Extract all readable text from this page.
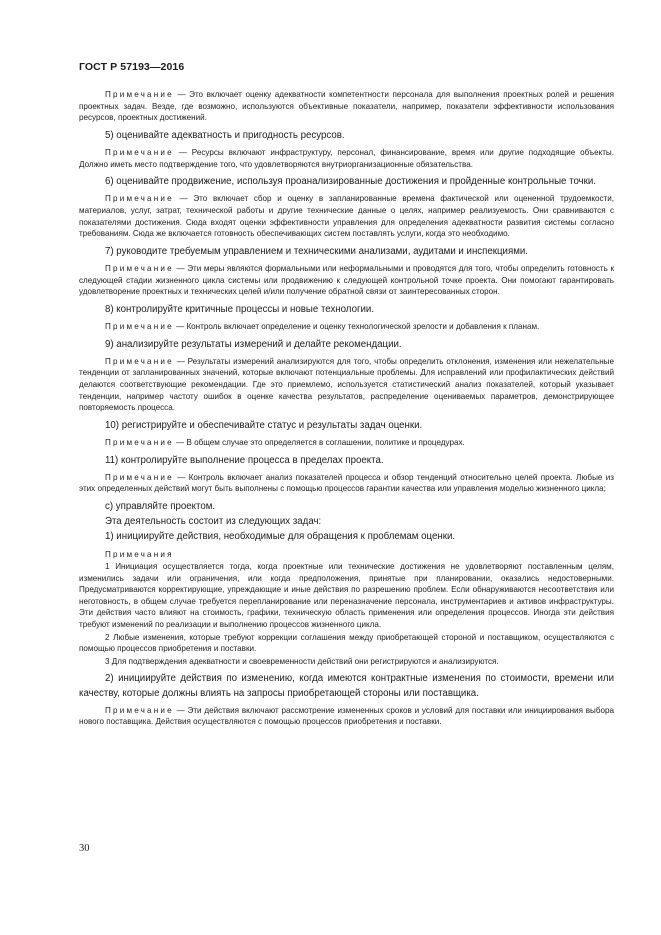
ГОСТ Р 57193—2016

Примечание — Это включает оценку адекватности компетентности персонала для выполнения проектных ролей и решения проектных задач. Везде, где возможно, используются объективные показатели, например, показатели эффективности использования ресурсов, проектных достижений.

5) оценивайте адекватность и пригодность ресурсов.

Примечание — Ресурсы включают инфраструктуру, персонал, финансирование, время или другие подходящие объекты. Должно иметь место подтверждение того, что удовлетворяются внутриорганизационные обязательства.

6) оценивайте продвижение, используя проанализированные достижения и пройденные контрольные точки.

Примечание — Это включает сбор и оценку в запланированные времена фактической или оцененной трудоемкости, материалов, услуг, затрат, технической работы и другие технические данные о целях, например реализуемость. Они сравниваются с показателями достижения. Сюда входят оценки эффективности управления для определения адекватности развития системы согласно требованиям. Сюда же включается готовность обеспечивающих систем поставлять услуги, когда это необходимо.

7) руководите требуемым управлением и техническими анализами, аудитами и инспекциями.

Примечание — Эти меры являются формальными или неформальными и проводятся для того, чтобы определить готовность к следующей стадии жизненного цикла системы или продвижению к следующей контрольной точке проекта. Они помогают гарантировать удовлетворение проектных и технических целей и/или получение обратной связи от заинтересованных сторон.

8) контролируйте критичные процессы и новые технологии.

Примечание — Контроль включает определение и оценку технологической зрелости и добавления к планам.

9) анализируйте результаты измерений и делайте рекомендации.

Примечание — Результаты измерений анализируются для того, чтобы определить отклонения, изменения или нежелательные тенденции от запланированных значений, которые включают потенциальные проблемы. Для исправлений или профилактических действий делаются соответствующие рекомендации. Где это приемлемо, используется статистический анализ показателей, который указывает тенденции, например частоту ошибок в оценке качества результатов, распределение оцениваемых параметров, демонстрирующее повторяемость процесса.

10) регистрируйте и обеспечивайте статус и результаты задач оценки.

Примечание — В общем случае это определяется в соглашении, политике и процедурах.

11) контролируйте выполнение процесса в пределах проекта.

Примечание — Контроль включает анализ показателей процесса и обзор тенденций относительно целей проекта. Любые из этих определенных действий могут быть выполнены с помощью процессов гарантии качества или управления моделью жизненного цикла;

c) управляйте проектом.

Эта деятельность состоит из следующих задач:

1) инициируйте действия, необходимые для обращения к проблемам оценки.

Примечания

1 Инициация осуществляется тогда, когда проектные или технические достижения не удовлетворяют поставленным целям, изменились задачи или ограничения, или когда предположения, принятые при планировании, оказались недостоверными. Предусматриваются корректирующие, упреждающие и иные действия по разрешению проблем. Если обнаруживаются несоответствия или неготовность, в общем случае требуется перепланирование или переназначение персонала, инструментариев и активов инфраструктуры. Эти действия часто влияют на стоимость, графики, техническую область применения или определения процессов. Иногда эти действия требуют изменений по реализации и выполнению процессов жизненного цикла.

2 Любые изменения, которые требуют коррекции соглашения между приобретающей стороной и поставщиком, осуществляются с помощью процессов приобретения и поставки.

3 Для подтверждения адекватности и своевременности действий они регистрируются и анализируются.

2) инициируйте действия по изменению, когда имеются контрактные изменения по стоимости, времени или качеству, которые должны влиять на запросы приобретающей стороны или поставщика.

Примечание — Эти действия включают рассмотрение измененных сроков и условий для поставки или инициирования выбора нового поставщика. Действия осуществляются с помощью процессов приобретения и поставки.

30
